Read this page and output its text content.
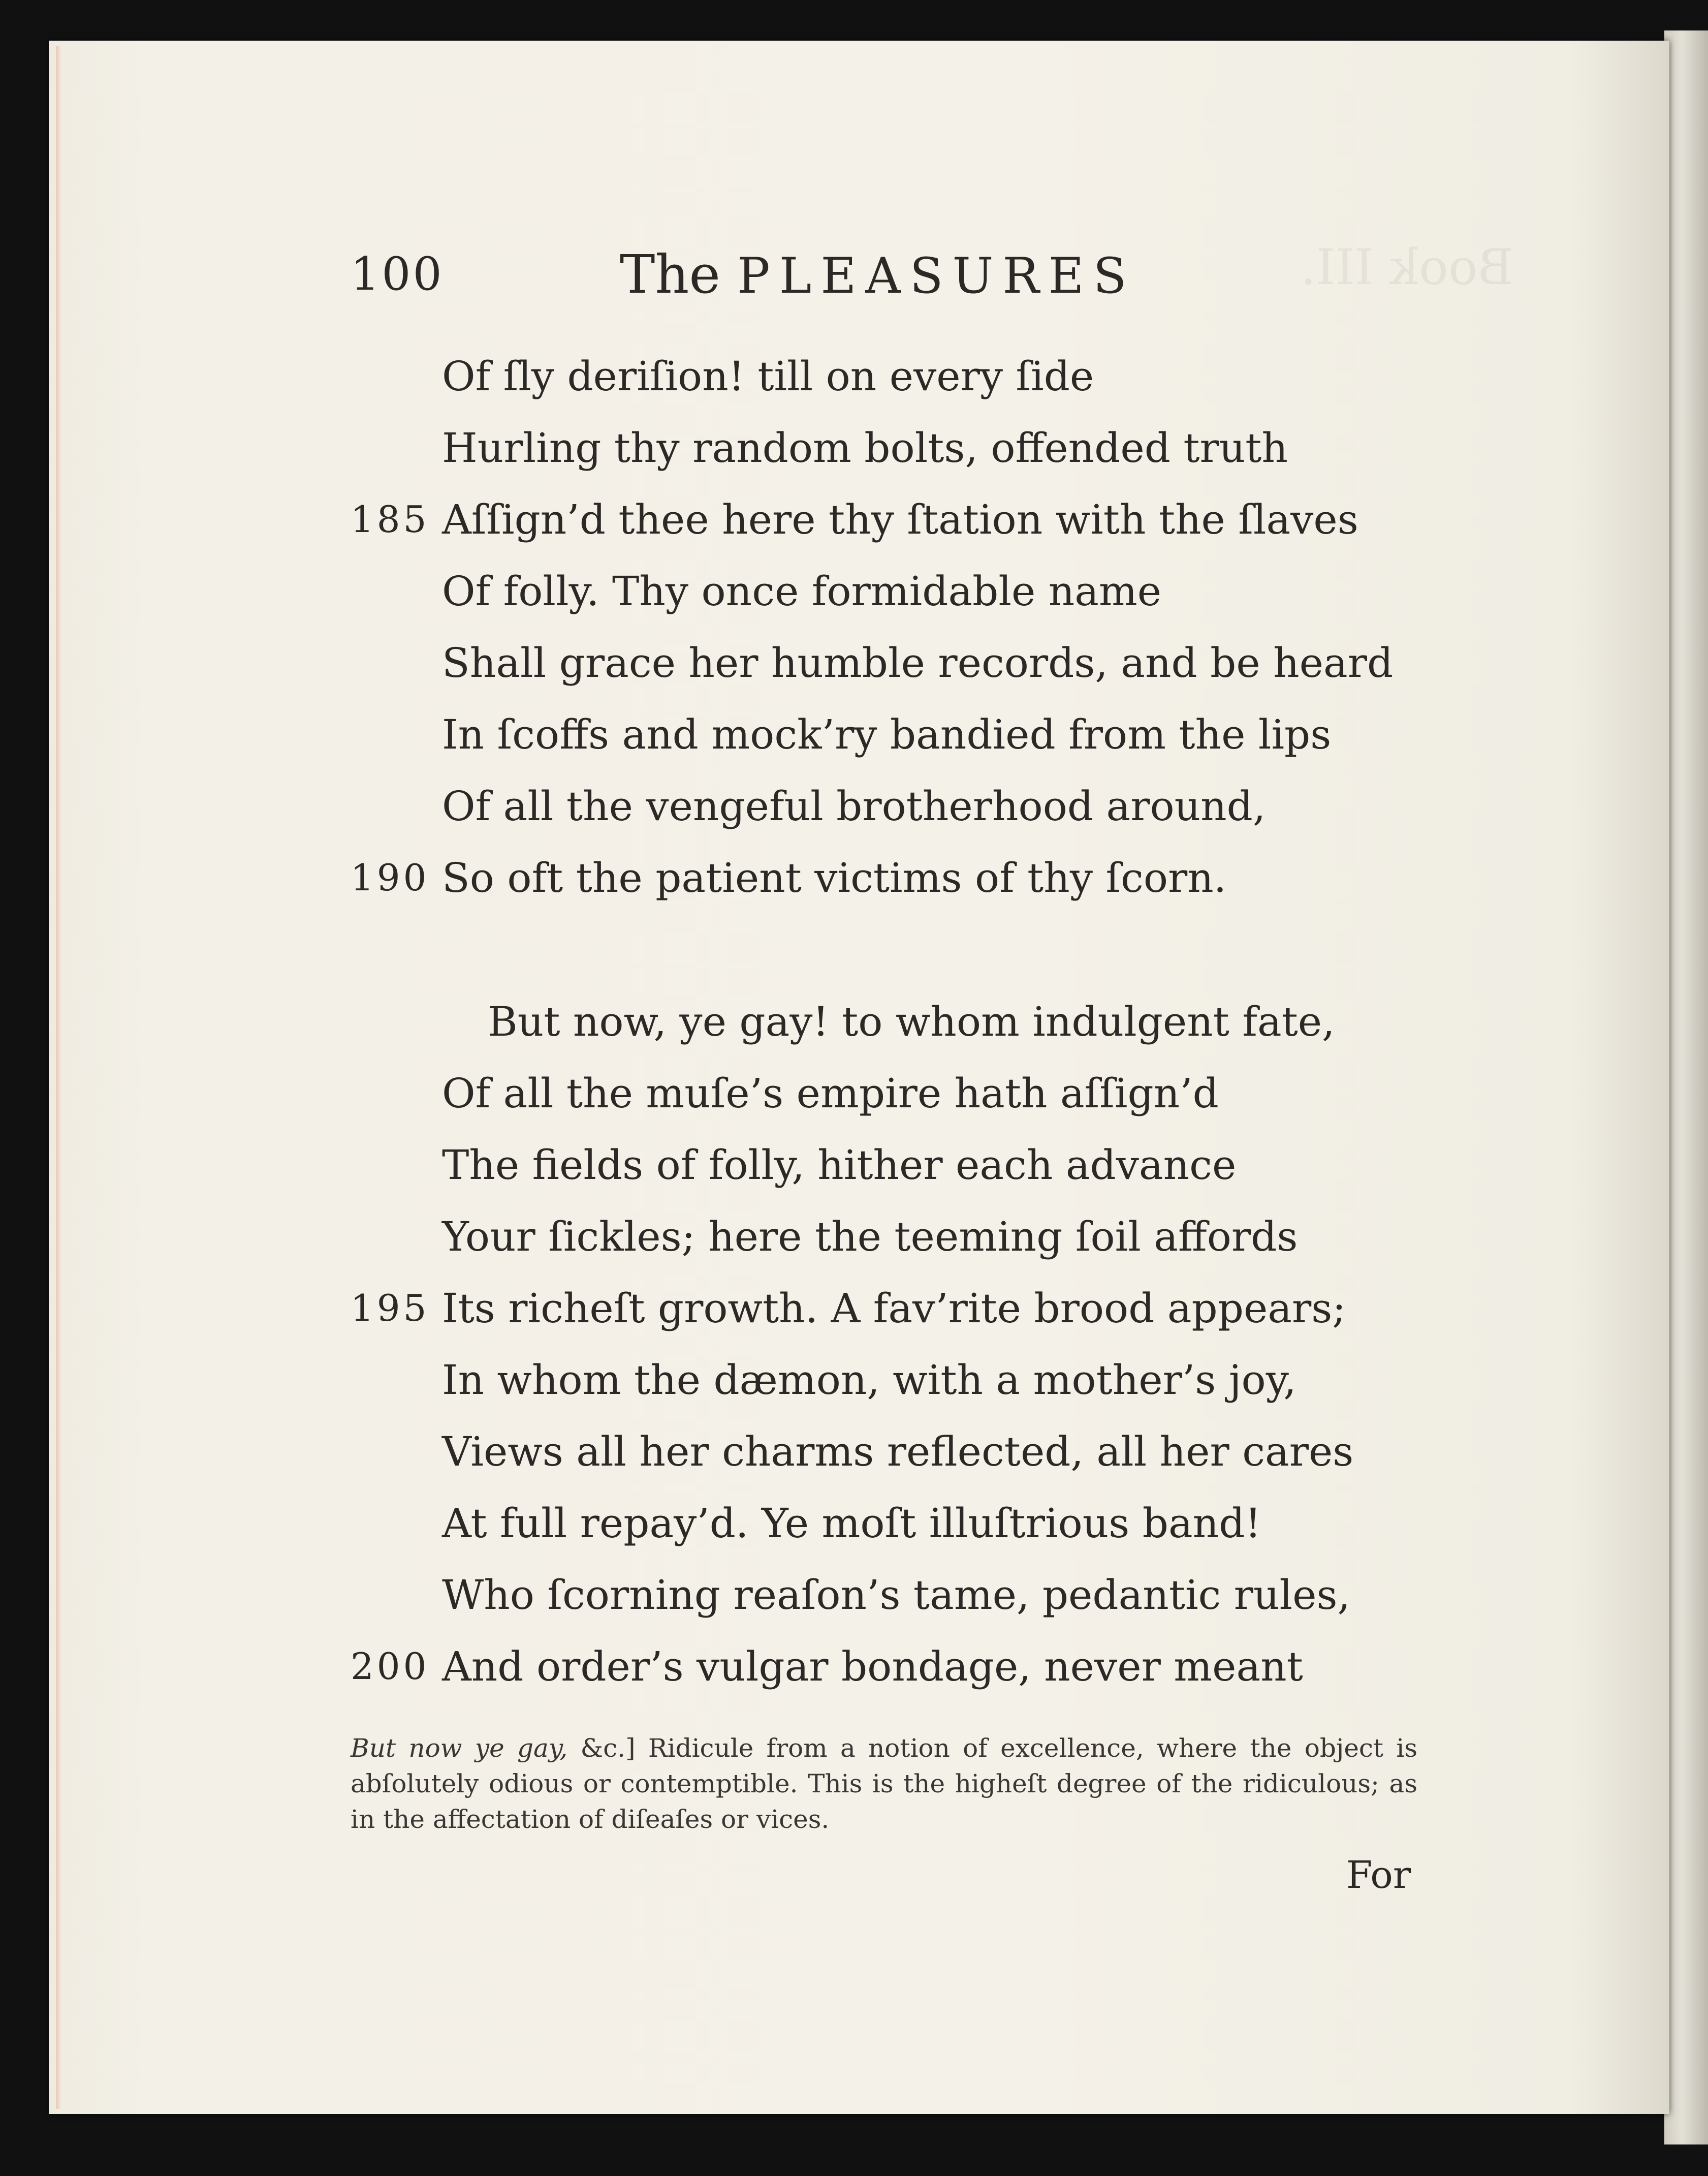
Book III.
100	The PLEASURES
Of ſly deriſion! till on every ſide
Hurling thy random bolts, offended truth
185 Aſſign’d thee here thy ſtation with the ſlaves
Of folly. Thy once formidable name
Shall grace her humble records, and be heard
In ſcoffs and mock’ry bandied from the lips
Of all the vengeful brotherhood around,
190 So oft the patient victims of thy ſcorn.
But now, ye gay! to whom indulgent fate,
Of all the muſe’s empire hath aſſign’d
The fields of folly, hither each advance
Your ſickles; here the teeming ſoil affords
195 Its richeſt growth. A fav’rite brood appears;
In whom the dæmon, with a mother’s joy,
Views all her charms reflected, all her cares
At full repay’d. Ye moſt illuſtrious band!
Who ſcorning reaſon’s tame, pedantic rules,
200 And order’s vulgar bondage, never meant
But now ye gay, &c.] Ridicule from a notion of excellence, where the object is abſolutely odious or contemptible. This is the higheſt degree of the ridiculous; as in the affectation of diſeaſes or vices.
For
